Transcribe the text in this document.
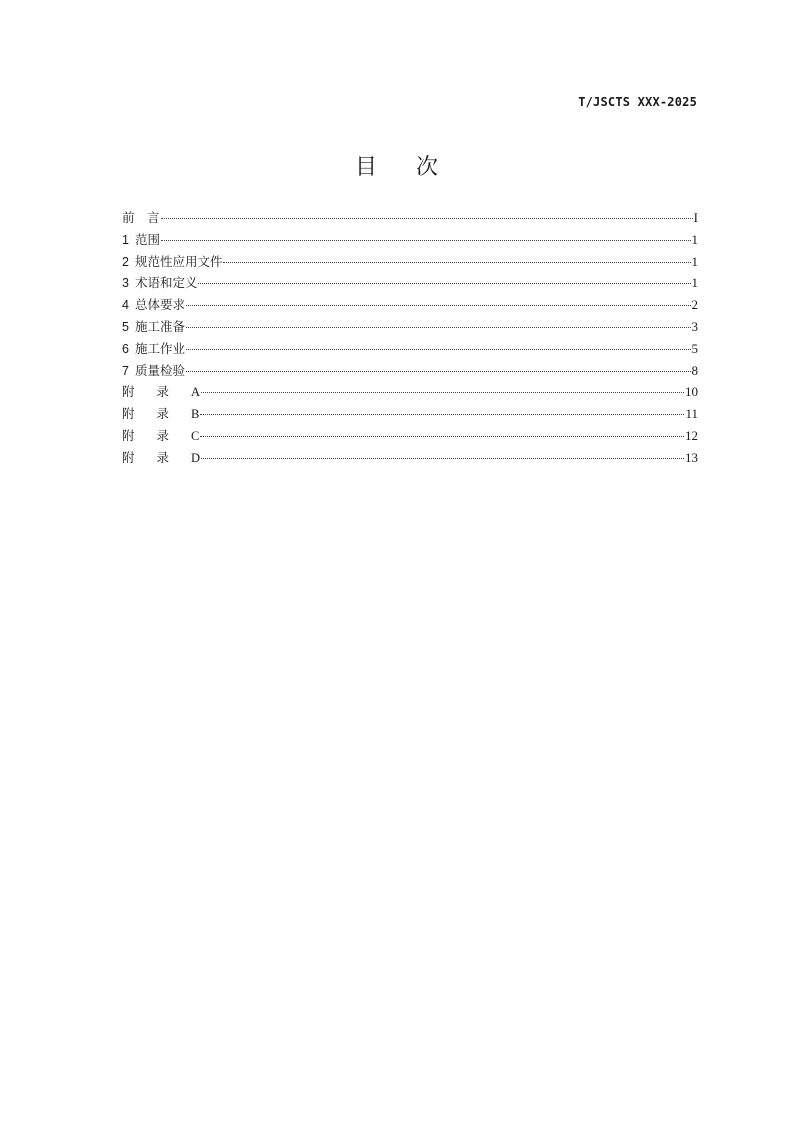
T/JSCTS XXX-2025
目 次
前　言	I
1 范围	1
2 规范性应用文件	1
3 术语和定义	1
4 总体要求	2
5 施工准备	3
6 施工作业	5
7 质量检验	8
附 录 A	10
附 录 B	11
附 录 C	12
附 录 D	13
